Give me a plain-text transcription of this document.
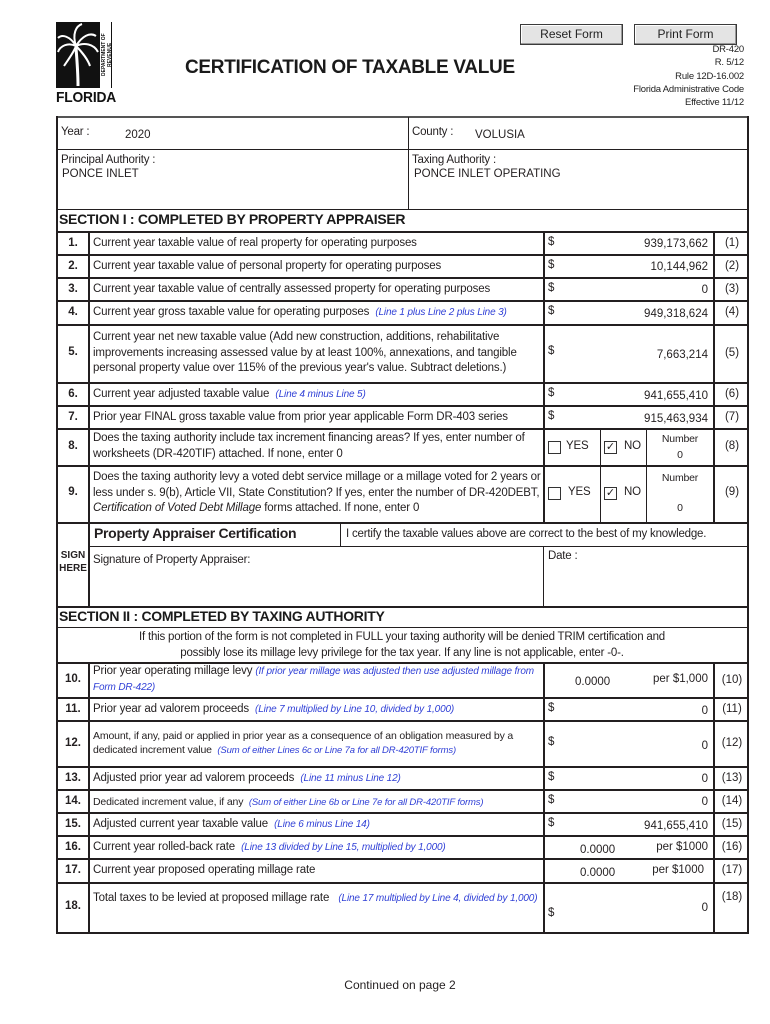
Reset Form	Print Form
DEPARTMENT OF REVENUE
FLORIDA
CERTIFICATION OF TAXABLE VALUE
DR-420
R. 5/12
Rule 12D-16.002
Florida Administrative Code
Effective 11/12
Year :	2020	County : VOLUSIA
Principal Authority :
PONCE INLET
Taxing Authority :
PONCE INLET OPERATING
SECTION I : COMPLETED BY PROPERTY APPRAISER
1.	Current year taxable value of real property for operating purposes	$	939,173,662	(1)
2.	Current year taxable value of personal property for operating purposes	$	10,144,962	(2)
3.	Current year taxable value of centrally assessed property for operating purposes	$	0	(3)
4.	Current year gross taxable value for operating purposes (Line 1 plus Line 2 plus Line 3)	$	949,318,624	(4)
5.
Current year net new taxable value (Add new construction, additions, rehabilitative improvements increasing assessed value by at least 100%, annexations, and tangible personal property value over 115% of the previous year's value. Subtract deletions.)
$	7,663,214	(5)
6.	Current year adjusted taxable value (Line 4 minus Line 5)	$	941,655,410	(6)
7.	Prior year FINAL gross taxable value from prior year applicable Form DR-403 series	$	915,463,934	(7)
8.
Does the taxing authority include tax increment financing areas? If yes, enter number of worksheets (DR-420TIF) attached. If none, enter 0
YES ✓ NO
Number
0
(8)
9.
Does the taxing authority levy a voted debt service millage or a millage voted for 2 years or less under s. 9(b), Article VII, State Constitution? If yes, enter the number of DR-420DEBT, Certification of Voted Debt Millage forms attached. If none, enter 0
YES ✓ NO
Number
0
(9)
Property Appraiser Certification	I certify the taxable values above are correct to the best of my knowledge.
SIGN
HERE
Signature of Property Appraiser:	Date :
SECTION II : COMPLETED BY TAXING AUTHORITY
If this portion of the form is not completed in FULL your taxing authority will be denied TRIM certification and
possibly lose its millage levy privilege for the tax year. If any line is not applicable, enter -0-.
10.
Prior year operating millage levy (If prior year millage was adjusted then use adjusted millage from Form DR-422)	0.0000	per $1,000	(10)
11.	Prior year ad valorem proceeds (Line 7 multiplied by Line 10, divided by 1,000)	$	0	(11)
12.
Amount, if any, paid or applied in prior year as a consequence of an obligation measured by a dedicated increment value (Sum of either Lines 6c or Line 7a for all DR-420TIF forms)
$	0	(12)
13.	Adjusted prior year ad valorem proceeds (Line 11 minus Line 12)	$	0	(13)
14.	Dedicated increment value, if any (Sum of either Line 6b or Line 7e for all DR-420TIF forms)	$	0	(14)
15.	Adjusted current year taxable value (Line 6 minus Line 14)	$	941,655,410	(15)
16.	Current year rolled-back rate (Line 13 divided by Line 15, multiplied by 1,000)	0.0000	per $1000	(16)
17.	Current year proposed operating millage rate	0.0000	per $1000	(17)
18.
Total taxes to be levied at proposed millage rate (Line 17 multiplied by Line 4, divided by 1,000)
$	0
(18)
Continued on page 2
